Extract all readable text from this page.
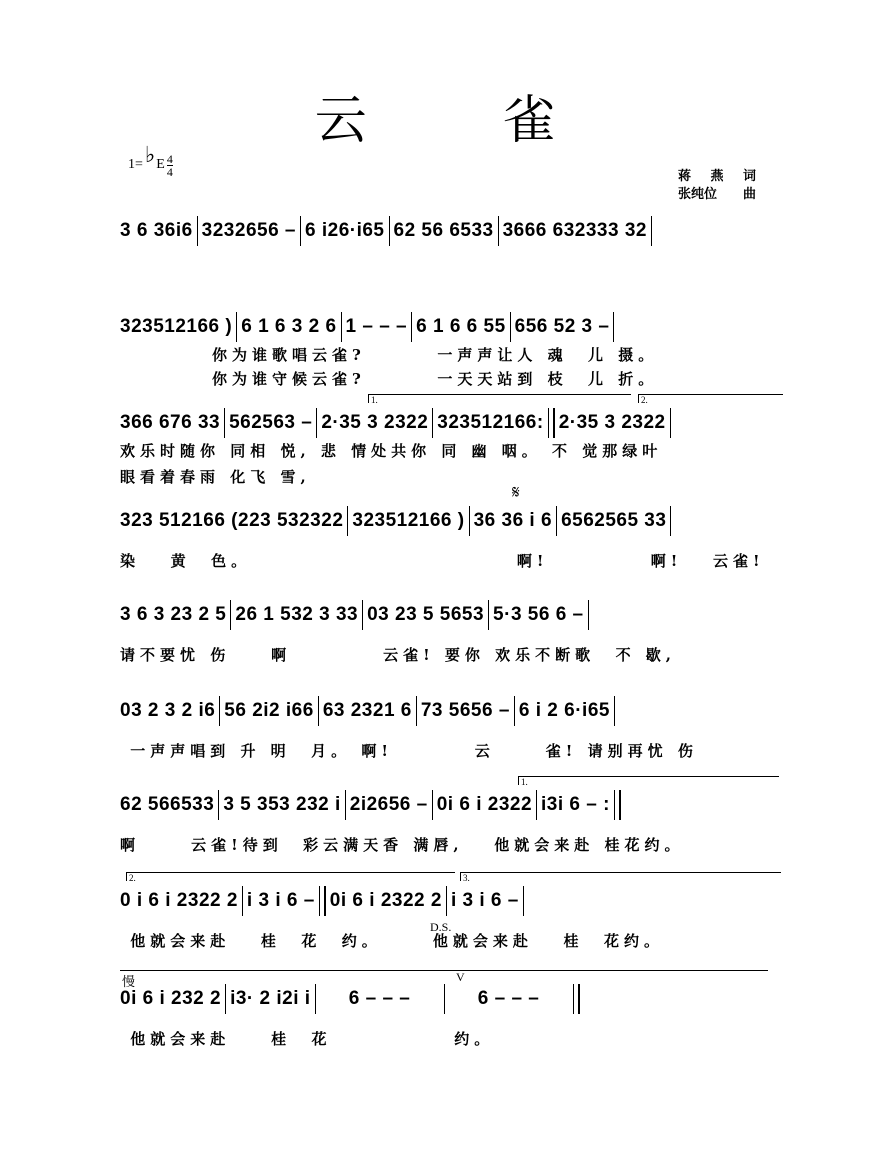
云 雀
1= ♭ E $\frac{4}{4}$	蒋 燕 词
张纯位 曲
3 6 36i6 3232656 – 6 i26·i65 62 56 6533 3666 632333 32
323512166 ) 6 1 6 3 2 6 1 – – – 6 1 6 6 55 656 52 3 –
你为谁歌唱云雀?       一声声让人 魂  儿 摄。
你为谁守候云雀?       一天天站到 枝  儿 折。
1.	2.
366 676 33 562563 – 2·35 3 2322 323512166: 2·35 3 2322
欢乐时随你 同相 悦, 悲 情处共你 同 幽 咽。 不 觉那绿叶
眼看着春雨 化飞 雪,
𝄋
323 512166
(223 532322 323512166 ) 36 36 i 6 6562565 33
染   黄  色。                          啊!          啊!   云雀!
3 6 3 23 2 5 26 1 532 3 33 03 23 5 5653 5·3 56 6 –
请不要忧 伤    啊         云雀! 要你 欢乐不断歌  不 歇,
03 2 3 2 i6 56 2i2 i66 63 2321 6 73 5656 – 6 i 2 6·i65
一声声唱到 升 明  月。 啊!        云     雀! 请别再忧 伤
1.
62 566533 3 5 353 232 i 2i2656 – 0i 6 i 2322 i3i 6 – :
啊     云雀!待到  彩云满天香 满唇,   他就会来赴 桂花约。
2.	3.
D.S.
0 i 6 i 2322 2 i 3 i 6 – 0i 6 i 2322 2 i 3 i 6 –
他就会来赴   桂  花  约。     他就会来赴   桂  花约。
慢	V
0i 6 i 232 2 i3· 2 i2i i	6 – – –	6 – – –
他就会来赴    桂  花            约。
